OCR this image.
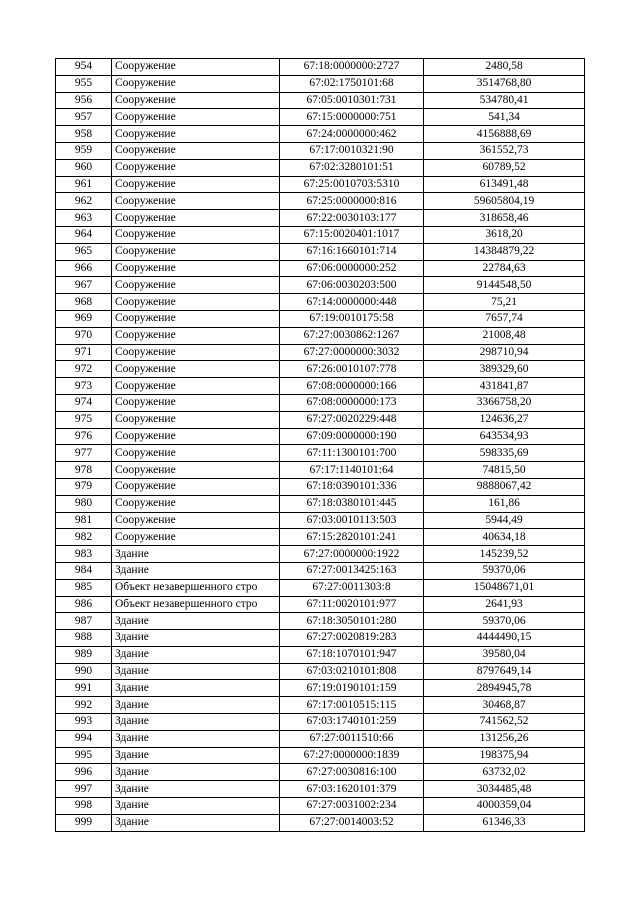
954	Сооружение	67:18:0000000:2727	2480,58
955	Сооружение	67:02:1750101:68	3514768,80
956	Сооружение	67:05:0010301:731	534780,41
957	Сооружение	67:15:0000000:751	541,34
958	Сооружение	67:24:0000000:462	4156888,69
959	Сооружение	67:17:0010321:90	361552,73
960	Сооружение	67:02:3280101:51	60789,52
961	Сооружение	67:25:0010703:5310	613491,48
962	Сооружение	67:25:0000000:816	59605804,19
963	Сооружение	67:22:0030103:177	318658,46
964	Сооружение	67:15:0020401:1017	3618,20
965	Сооружение	67:16:1660101:714	14384879,22
966	Сооружение	67:06:0000000:252	22784,63
967	Сооружение	67:06:0030203:500	9144548,50
968	Сооружение	67:14:0000000:448	75,21
969	Сооружение	67:19:0010175:58	7657,74
970	Сооружение	67:27:0030862:1267	21008,48
971	Сооружение	67:27:0000000:3032	298710,94
972	Сооружение	67:26:0010107:778	389329,60
973	Сооружение	67:08:0000000:166	431841,87
974	Сооружение	67:08:0000000:173	3366758,20
975	Сооружение	67:27:0020229:448	124636,27
976	Сооружение	67:09:0000000:190	643534,93
977	Сооружение	67:11:1300101:700	598335,69
978	Сооружение	67:17:1140101:64	74815,50
979	Сооружение	67:18:0390101:336	9888067,42
980	Сооружение	67:18:0380101:445	161,86
981	Сооружение	67:03:0010113:503	5944,49
982	Сооружение	67:15:2820101:241	40634,18
983	Здание	67:27:0000000:1922	145239,52
984	Здание	67:27:0013425:163	59370,06
985	Объект незавершенного стро	67:27:0011303:8	15048671,01
986	Объект незавершенного стро	67:11:0020101:977	2641,93
987	Здание	67:18:3050101:280	59370,06
988	Здание	67:27:0020819:283	4444490,15
989	Здание	67:18:1070101:947	39580,04
990	Здание	67:03:0210101:808	8797649,14
991	Здание	67:19:0190101:159	2894945,78
992	Здание	67:17:0010515:115	30468,87
993	Здание	67:03:1740101:259	741562,52
994	Здание	67:27:0011510:66	131256,26
995	Здание	67:27:0000000:1839	198375,94
996	Здание	67:27:0030816:100	63732,02
997	Здание	67:03:1620101:379	3034485,48
998	Здание	67:27:0031002:234	4000359,04
999	Здание	67:27:0014003:52	61346,33
